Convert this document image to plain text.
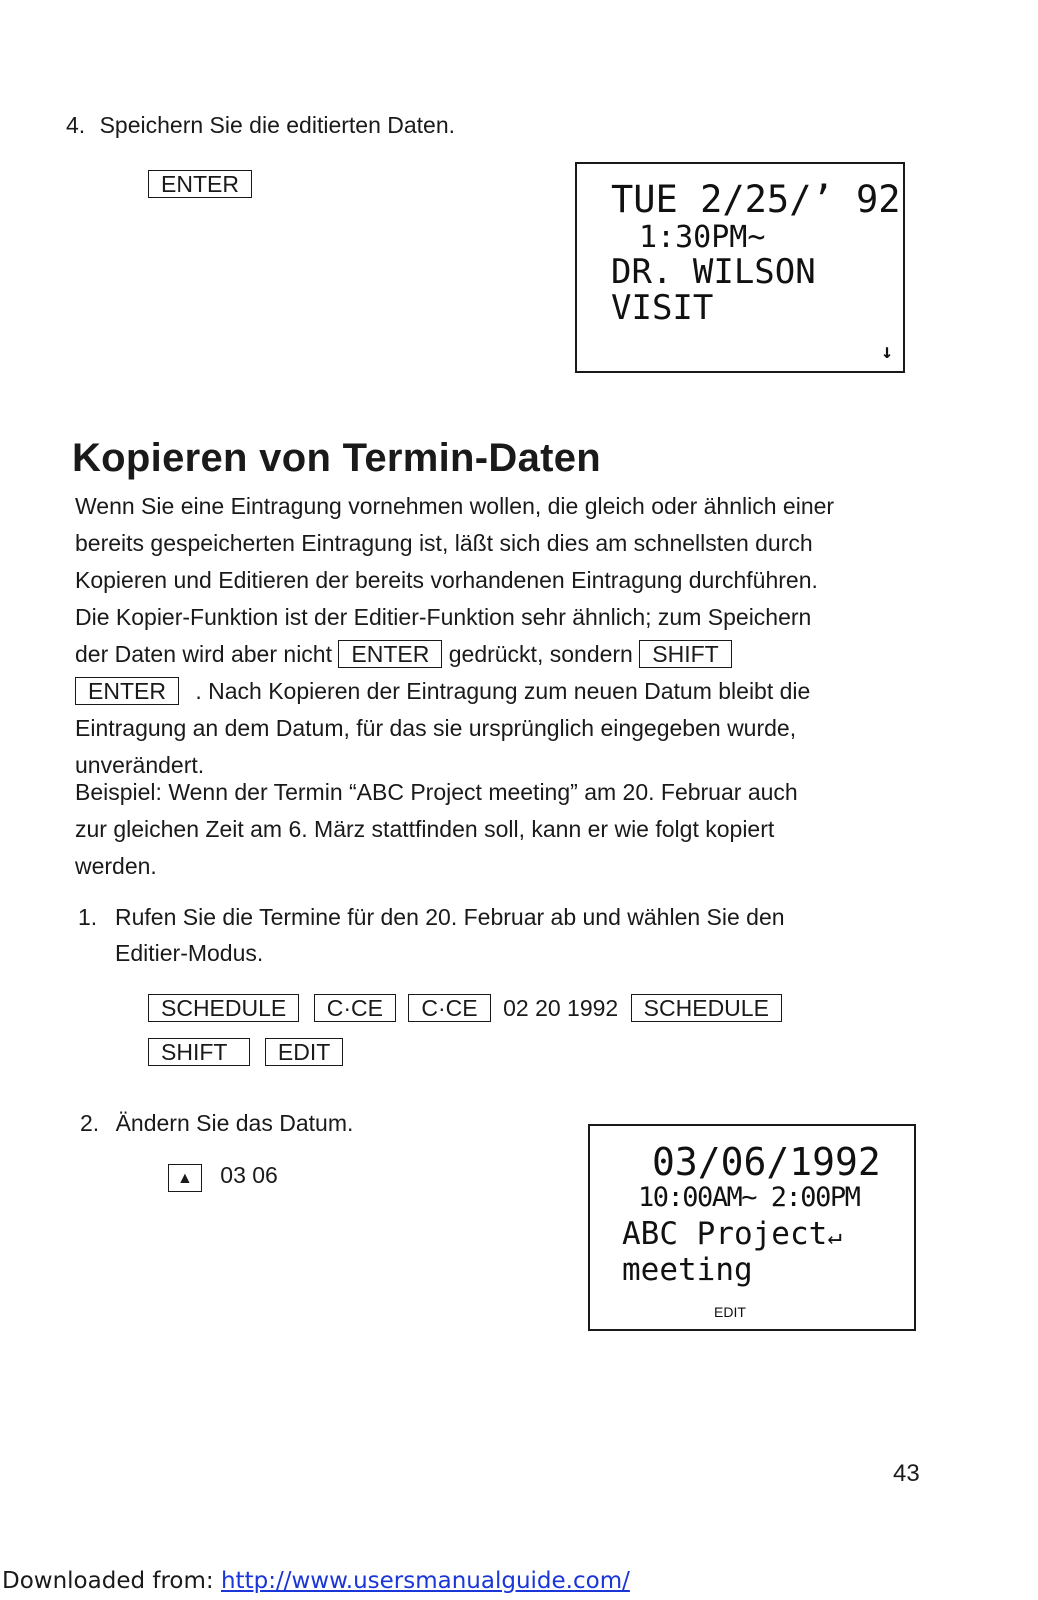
4. Speichern Sie die editierten Daten.
ENTER	TUE 2/25/’ 92
1:30PM~
DR. WILSON
VISIT
↓
Kopieren von Termin-Daten
Wenn Sie eine Eintragung vornehmen wollen, die gleich oder ähnlich einer
bereits gespeicherten Eintragung ist, läßt sich dies am schnellsten durch
Kopieren und Editieren der bereits vorhandenen Eintragung durchführen.
Die Kopier-Funktion ist der Editier-Funktion sehr ähnlich; zum Speichern
der Daten wird aber nicht ENTER gedrückt, sondern SHIFT
ENTER . Nach Kopieren der Eintragung zum neuen Datum bleibt die
Eintragung an dem Datum, für das sie ursprünglich eingegeben wurde,
unverändert.
Beispiel: Wenn der Termin “ABC Project meeting” am 20. Februar auch
zur gleichen Zeit am 6. März stattfinden soll, kann er wie folgt kopiert
werden.
1. Rufen Sie die Termine für den 20. Februar ab und wählen Sie den
Editier-Modus.
SCHEDULE C·CE C·CE 02 20 1992 SCHEDULE
SHIFT EDIT
2. Ändern Sie das Datum.
▲ 03 06	03/06/1992
10:00AM~ 2:00PM
ABC Project↵
meeting
EDIT
43
Downloaded from: http://www.usersmanualguide.com/
